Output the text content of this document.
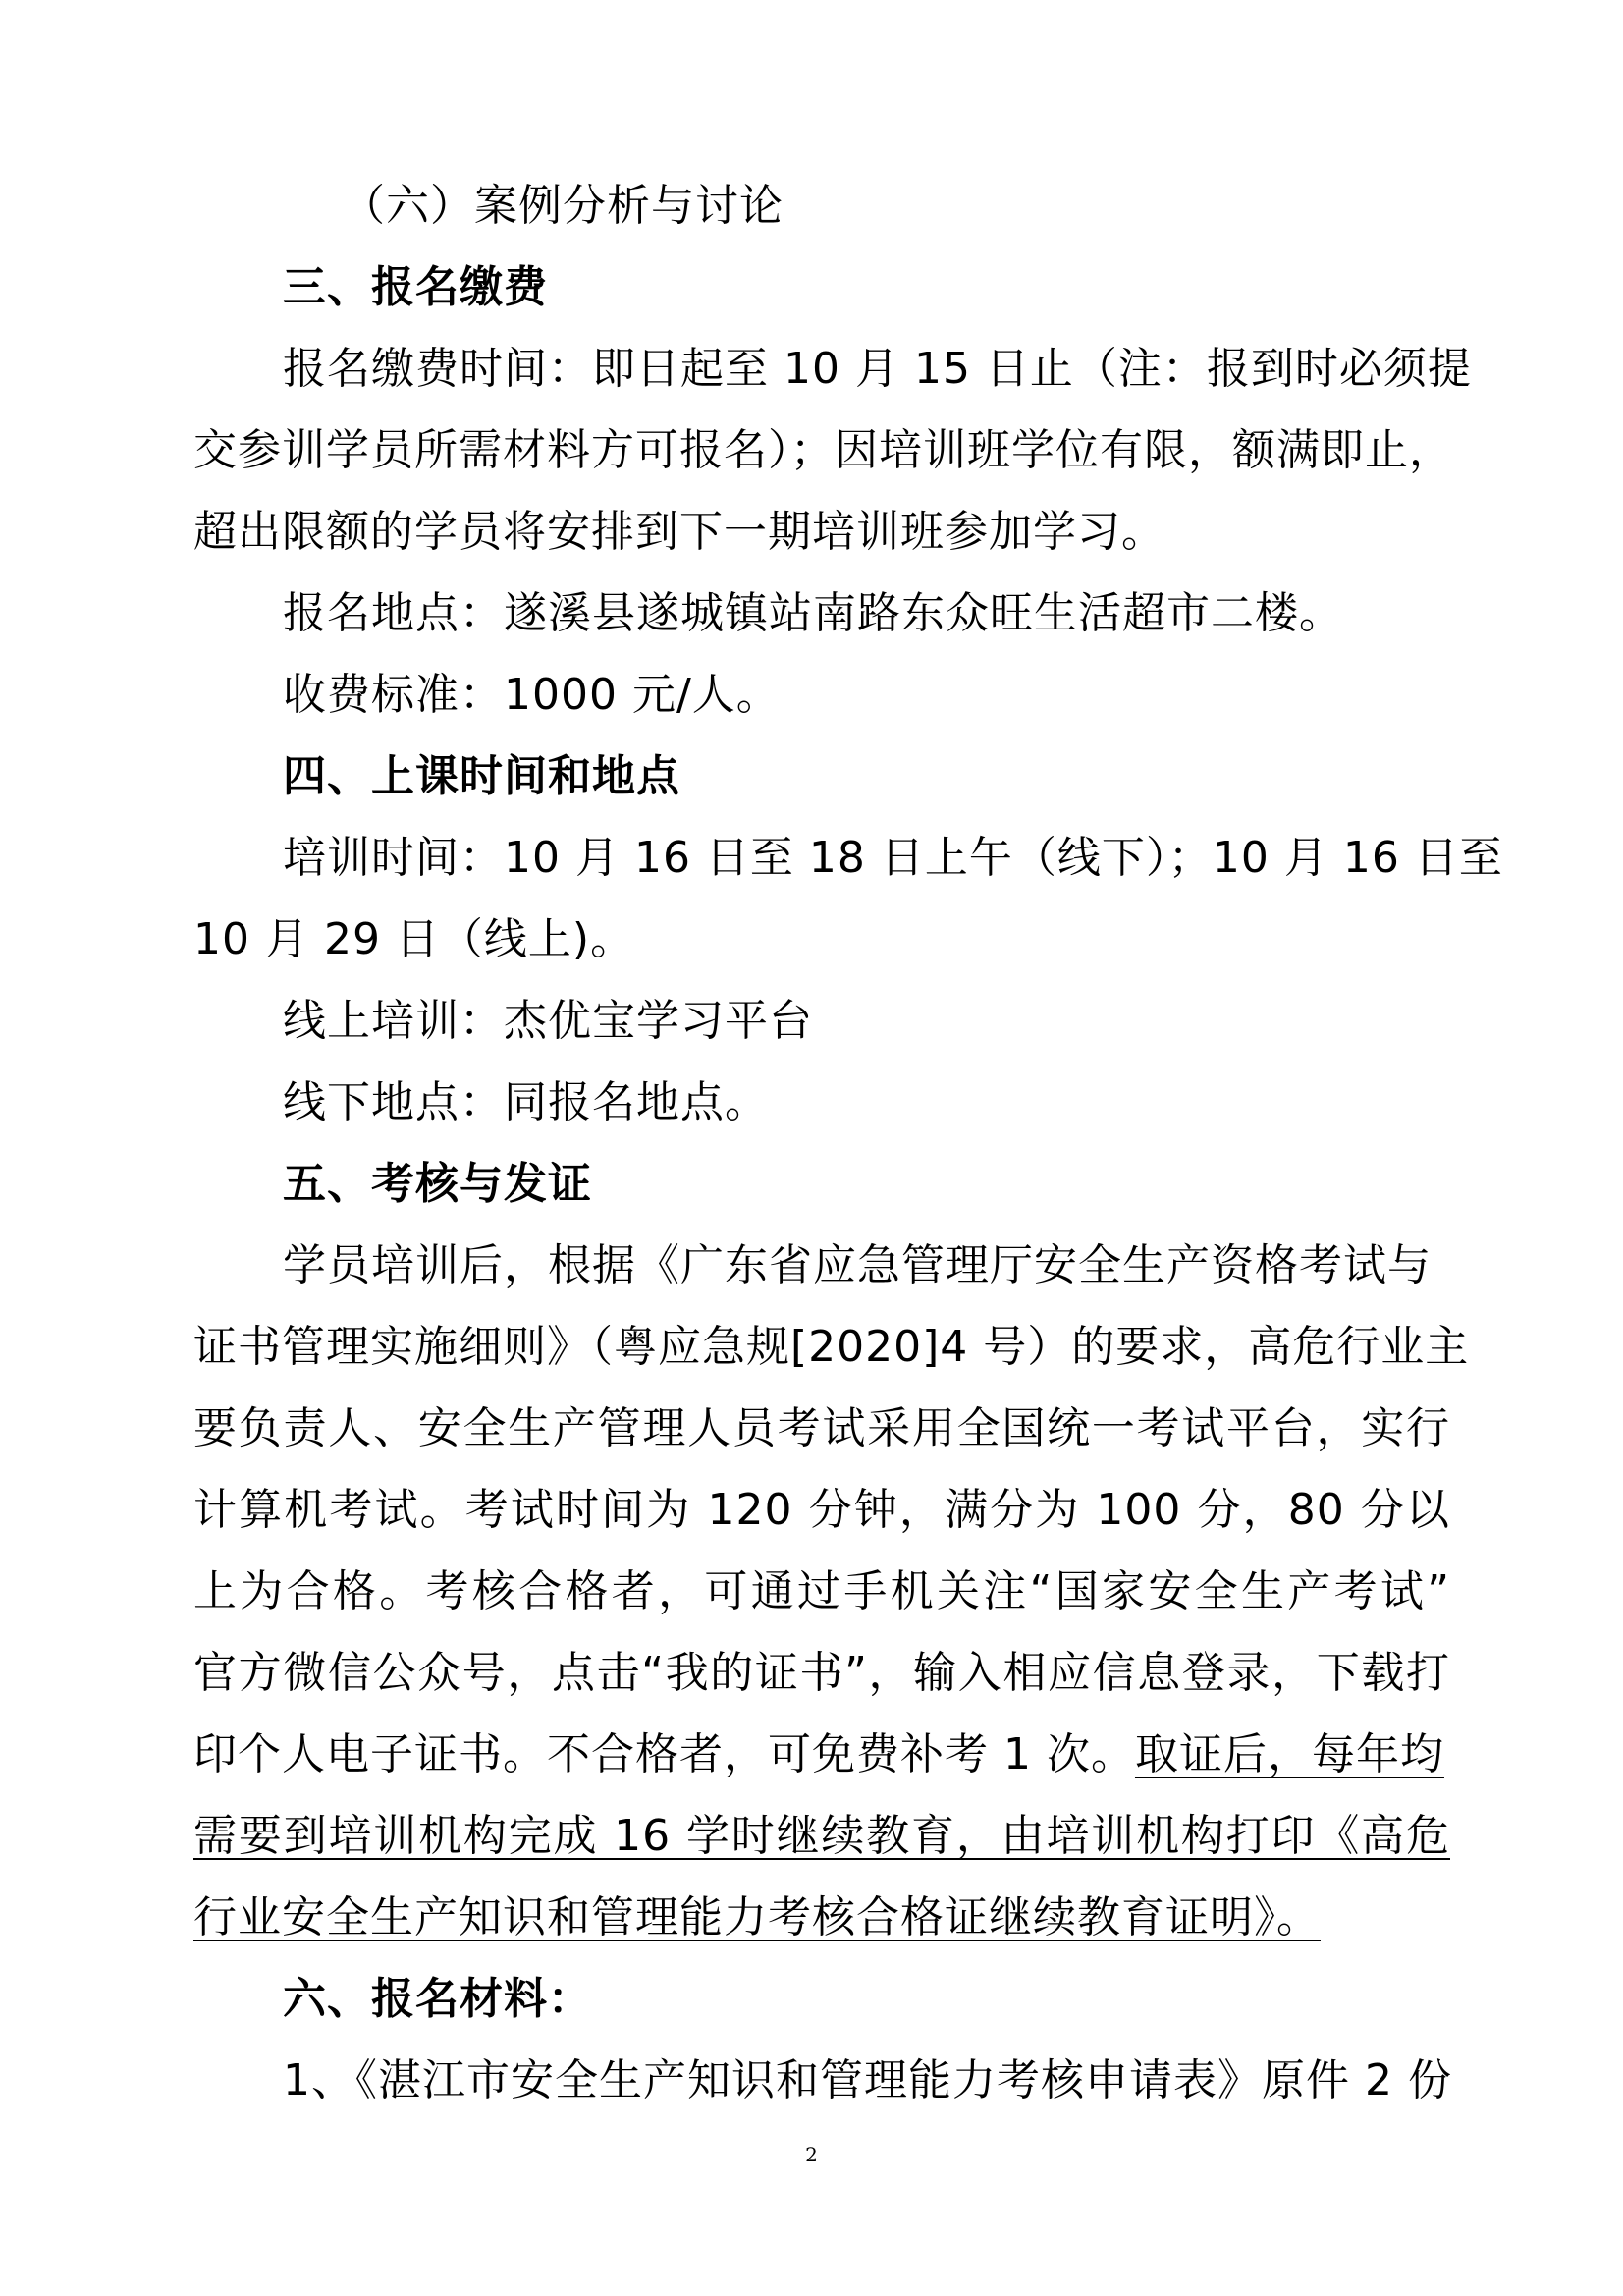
（六）案例分析与讨论
三、报名缴费
报名缴费时间：即日起至 10 月 15 日止（注：报到时必须提
交参训学员所需材料方可报名）；因培训班学位有限，额满即止，
超出限额的学员将安排到下一期培训班参加学习。
报名地点：遂溪县遂城镇站南路东众旺生活超市二楼。
收费标准：1000 元/人。
四、上课时间和地点
培训时间：10 月 16 日至 18 日上午（线下）；10 月 16 日至
10 月 29 日（线上)。
线上培训：杰优宝学习平台
线下地点：同报名地点。
五、考核与发证
学员培训后，根据《广东省应急管理厅安全生产资格考试与
证书管理实施细则》（粤应急规[2020]4 号）的要求，高危行业主
要负责人、安全生产管理人员考试采用全国统一考试平台，实行
计算机考试。考试时间为 120 分钟，满分为 100 分，80 分以
上为合格。考核合格者，可通过手机关注“国家安全生产考试”
官方微信公众号，点击“我的证书”，输入相应信息登录，下载打
印个人电子证书。不合格者，可免费补考 1 次。取证后，每年均
需要到培训机构完成 16 学时继续教育，由培训机构打印《高危
行业安全生产知识和管理能力考核合格证继续教育证明》。
六、报名材料：
1、《湛江市安全生产知识和管理能力考核申请表》原件 2 份
2
